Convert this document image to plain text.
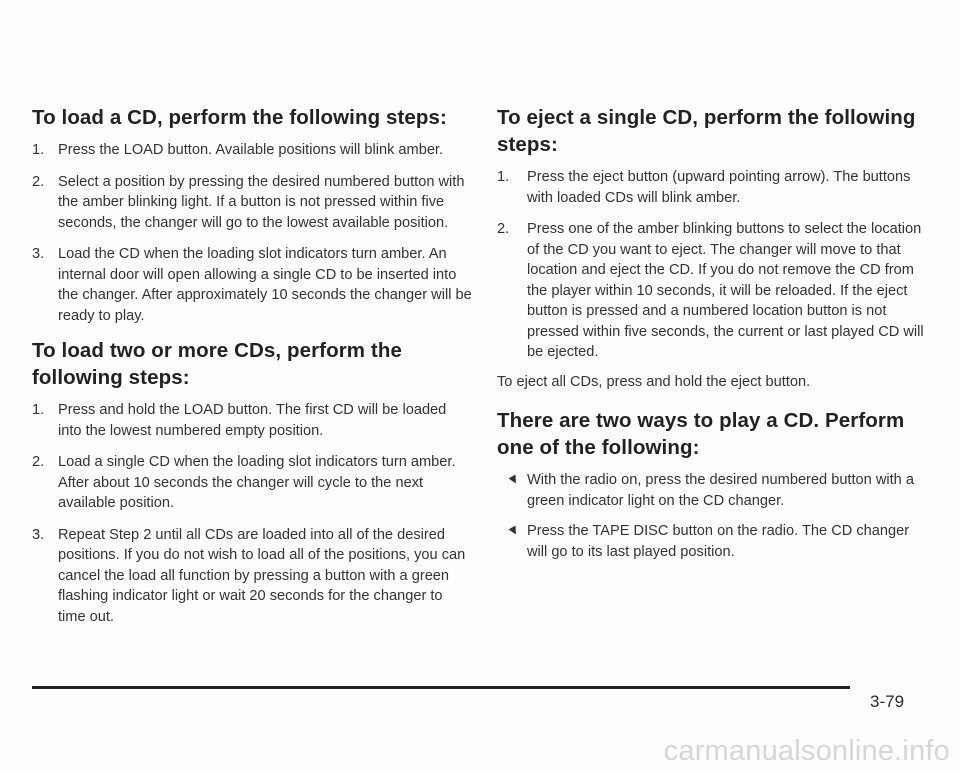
To load a CD, perform the following steps:
1. Press the LOAD button. Available positions will blink amber.
2. Select a position by pressing the desired numbered button with the amber blinking light. If a button is not pressed within five seconds, the changer will go to the lowest available position.
3. Load the CD when the loading slot indicators turn amber. An internal door will open allowing a single CD to be inserted into the changer. After approximately 10 seconds the changer will be ready to play.
To load two or more CDs, perform the following steps:
1. Press and hold the LOAD button. The first CD will be loaded into the lowest numbered empty position.
2. Load a single CD when the loading slot indicators turn amber. After about 10 seconds the changer will cycle to the next available position.
3. Repeat Step 2 until all CDs are loaded into all of the desired positions. If you do not wish to load all of the positions, you can cancel the load all function by pressing a button with a green flashing indicator light or wait 20 seconds for the changer to time out.
To eject a single CD, perform the following steps:
1. Press the eject button (upward pointing arrow). The buttons with loaded CDs will blink amber.
2. Press one of the amber blinking buttons to select the location of the CD you want to eject. The changer will move to that location and eject the CD. If you do not remove the CD from the player within 10 seconds, it will be reloaded. If the eject button is pressed and a numbered location button is not pressed within five seconds, the current or last played CD will be ejected.

To eject all CDs, press and hold the eject button.

There are two ways to play a CD. Perform one of the following:
With the radio on, press the desired numbered button with a green indicator light on the CD changer.
Press the TAPE DISC button on the radio. The CD changer will go to its last played position.
3-79
carmanualsonline.info
